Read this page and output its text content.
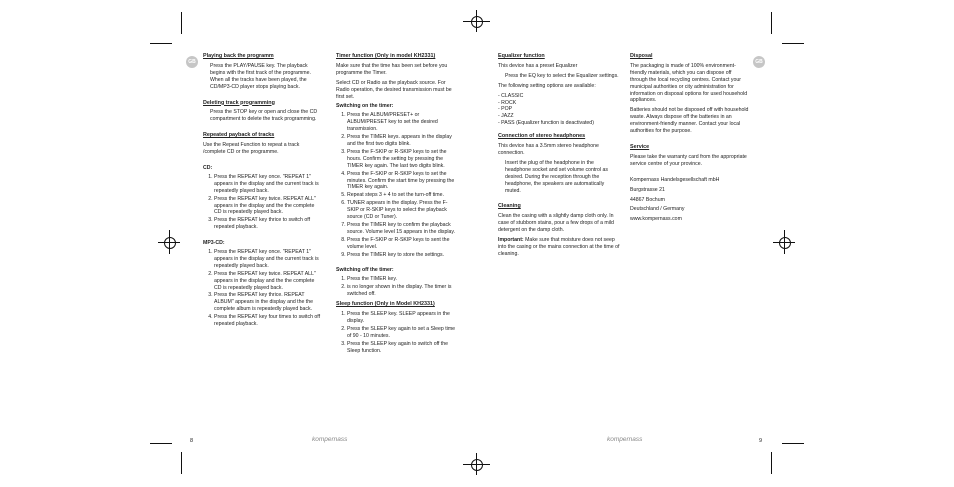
GB	GB
Playing back the programm

Press the PLAY/PAUSE key. The playback begins with the first track of the programme. When all the tracks have been played, the CD/MP3-CD player stops playing back.

Deleting track programming

Press the STOP key or open and close the CD compartment to delete the track programming.

Repeated payback of tracks

Use the Repeat Function to repeat a track /complete CD or the programme.

CD:
1. Press the REPEAT key once. "REPEAT 1" appears in the display and the current track is repeatedly played back.
2. Press the REPEAT key twice. REPEAT ALL" appears in the display and the the complete CD is repeatedly played back.
3. Press the REPEAT key thrice to switch off repeated playback.
MP3-CD:
1. Press the REPEAT key once. "REPEAT 1" appears in the display and the current track is repeatedly played back.
2. Press the REPEAT key twice. REPEAT ALL" appears in the display and the the complete CD is repeatedly played back.
3. Press the REPEAT key thrice. REPEAT ALBUM" appears in the display and the the complete album is repeatedly played back.
4. Press the REPEAT key four times to switch off repeated playback.
Timer function (Only in model KH2331)

Make sure that the time has been set before you programme the Timer.

Select CD or Radio as the playback source. For Radio operation, the desired transmission must be first set.

Switching on the timer:
1. Press the ALBUM/PRESET+ or ALBUM/PRESET key to set the desired transmission.
2. Press the TIMER keys. appears in the display and the first two digits blink.
3. Press the F-SKIP or R-SKIP keys to set the hours. Confirm the setting by pressing the TIMER key again. The last two digits blink.
4. Press the F-SKIP or R-SKIP keys to set the minutes. Confirm the start time by pressing the TIMER key again.
5. Repeat steps 3 + 4 to set the turn-off time.
6. TUNER appears in the display. Press the F-SKIP or R-SKIP keys to select the playback source (CD or Tuner).
7. Press the TIMER key to confirm the playback source. Volume level 15 appears in the display.
8. Press the F-SKIP or R-SKIP keys to sent the volume level.
9. Press the TIMER key to store the settings.
Switching off the timer:
1. Press the TIMER key.
2. is no longer shown in the display. The timer is switched off.
Sleep function (Only in Model KH2331)
1. Press the SLEEP key. SLEEP appears in the display.
2. Press the SLEEP key again to set a Sleep time of 90 - 10 minutes.
3. Press the SLEEP key again to switch off the Sleep function.
Equalizer function

This device has a preset Equalizer

Press the EQ key to select the Equalizer settings.

The following setting options are available:

- CLASSIC
- ROCK
- POP
- JAZZ
- PASS (Equalizer function is deactivated)
Connection of stereo headphones

This device has a 3.5mm stereo headphone connection.

Insert the plug of the headphone in the headphone socket and set volume control as desired. During the reception through the headphone, the speakers are automatically muted.

Cleaning

Clean the casing with a slightly damp cloth only. In case of stubborn stains, pour a few drops of a mild detergent on the damp cloth.

Important: Make sure that moisture does not seep into the casing or the mains connection at the time of cleaning.

Disposal

The packaging is made of 100% environment-friendly materials, which you can dispose off through the local recycling centres. Contact your municipal authorities or city administration for information on disposal options for used household appliances.

Batteries should not be disposed off with household waste. Always dispose off the batteries in an environment-friendly manner. Contact your local authorities for the purpose.

Service

Please take the warranty card from the appropriate service centre of your province.

Kompernass Handelsgesellschaft mbH
Burgstrasse 21
44867 Bochum
Deutschland / Germany
www.kompernass.com
8	kompernass	kompernass	9
